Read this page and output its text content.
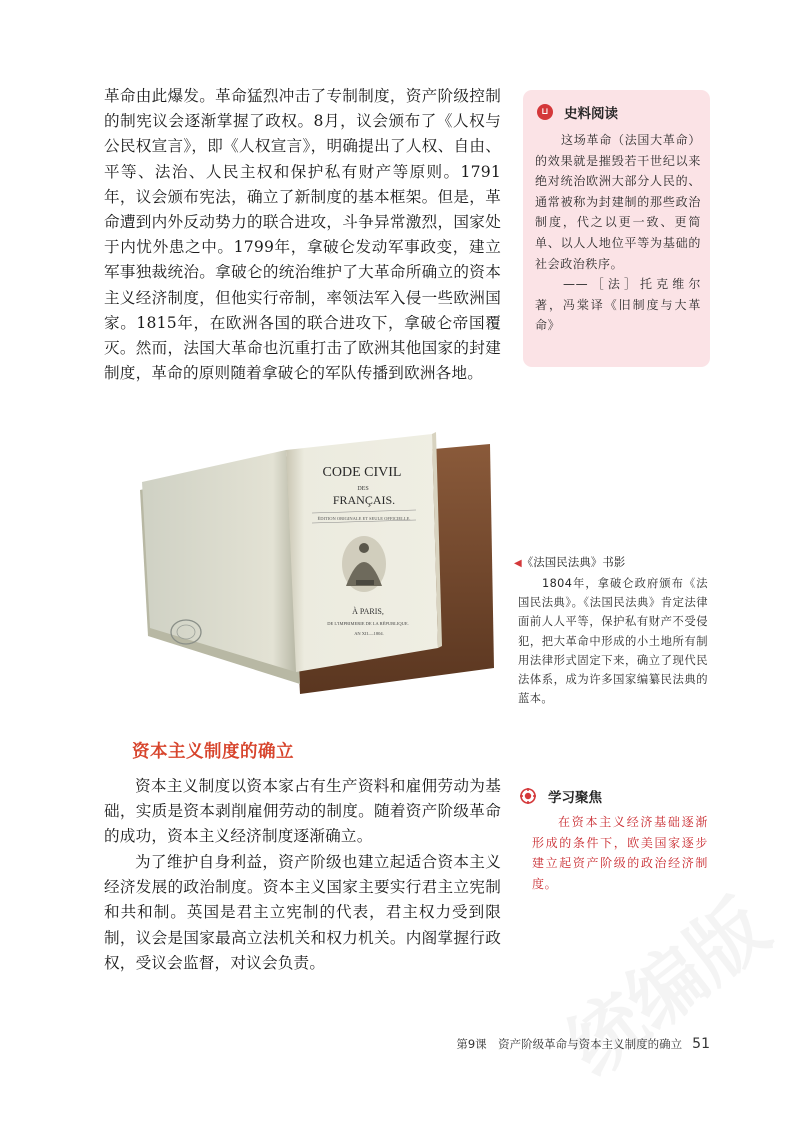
革命由此爆发。革命猛烈冲击了专制制度，资产阶级控制的制宪议会逐渐掌握了政权。8月，议会颁布了《人权与公民权宣言》，即《人权宣言》，明确提出了人权、自由、平等、法治、人民主权和保护私有财产等原则。1791年，议会颁布宪法，确立了新制度的基本框架。但是，革命遭到内外反动势力的联合进攻，斗争异常激烈，国家处于内忧外患之中。1799年，拿破仑发动军事政变，建立军事独裁统治。拿破仑的统治维护了大革命所确立的资本主义经济制度，但他实行帝制，率领法军入侵一些欧洲国家。1815年，在欧洲各国的联合进攻下，拿破仑帝国覆灭。然而，法国大革命也沉重打击了欧洲其他国家的封建制度，革命的原则随着拿破仑的军队传播到欧洲各地。

⊔	史料阅读

这场革命（法国大革命）的效果就是摧毁若干世纪以来绝对统治欧洲大部分人民的、通常被称为封建制的那些政治制度，代之以更一致、更简单、以人人地位平等为基础的社会政治秩序。
——［法］托克维尔著，冯棠译《旧制度与大革命》

CODE CIVIL
DES
FRANÇAIS.
ÉDITION ORIGINALE ET SEULE OFFICIELLE.
À PARIS,
DE L'IMPRIMERIE DE LA RÉPUBLIQUE.
AN XII.—1804.
◀《法国民法典》书影

1804年，拿破仑政府颁布《法国民法典》。《法国民法典》肯定法律面前人人平等，保护私有财产不受侵犯，把大革命中形成的小土地所有制用法律形式固定下来，确立了现代民法体系，成为许多国家编纂民法典的蓝本。

资本主义制度的确立

资本主义制度以资本家占有生产资料和雇佣劳动为基础，实质是资本剥削雇佣劳动的制度。随着资产阶级革命的成功，资本主义经济制度逐渐确立。

为了维护自身利益，资产阶级也建立起适合资本主义经济发展的政治制度。资本主义国家主要实行君主立宪制和共和制。英国是君主立宪制的代表，君主权力受到限制，议会是国家最高立法机关和权力机关。内阁掌握行政权，受议会监督，对议会负责。

学习聚焦

在资本主义经济基础逐渐形成的条件下，欧美国家逐步建立起资产阶级的政治经济制度。

第9课　资产阶级革命与资本主义制度的确立 51
